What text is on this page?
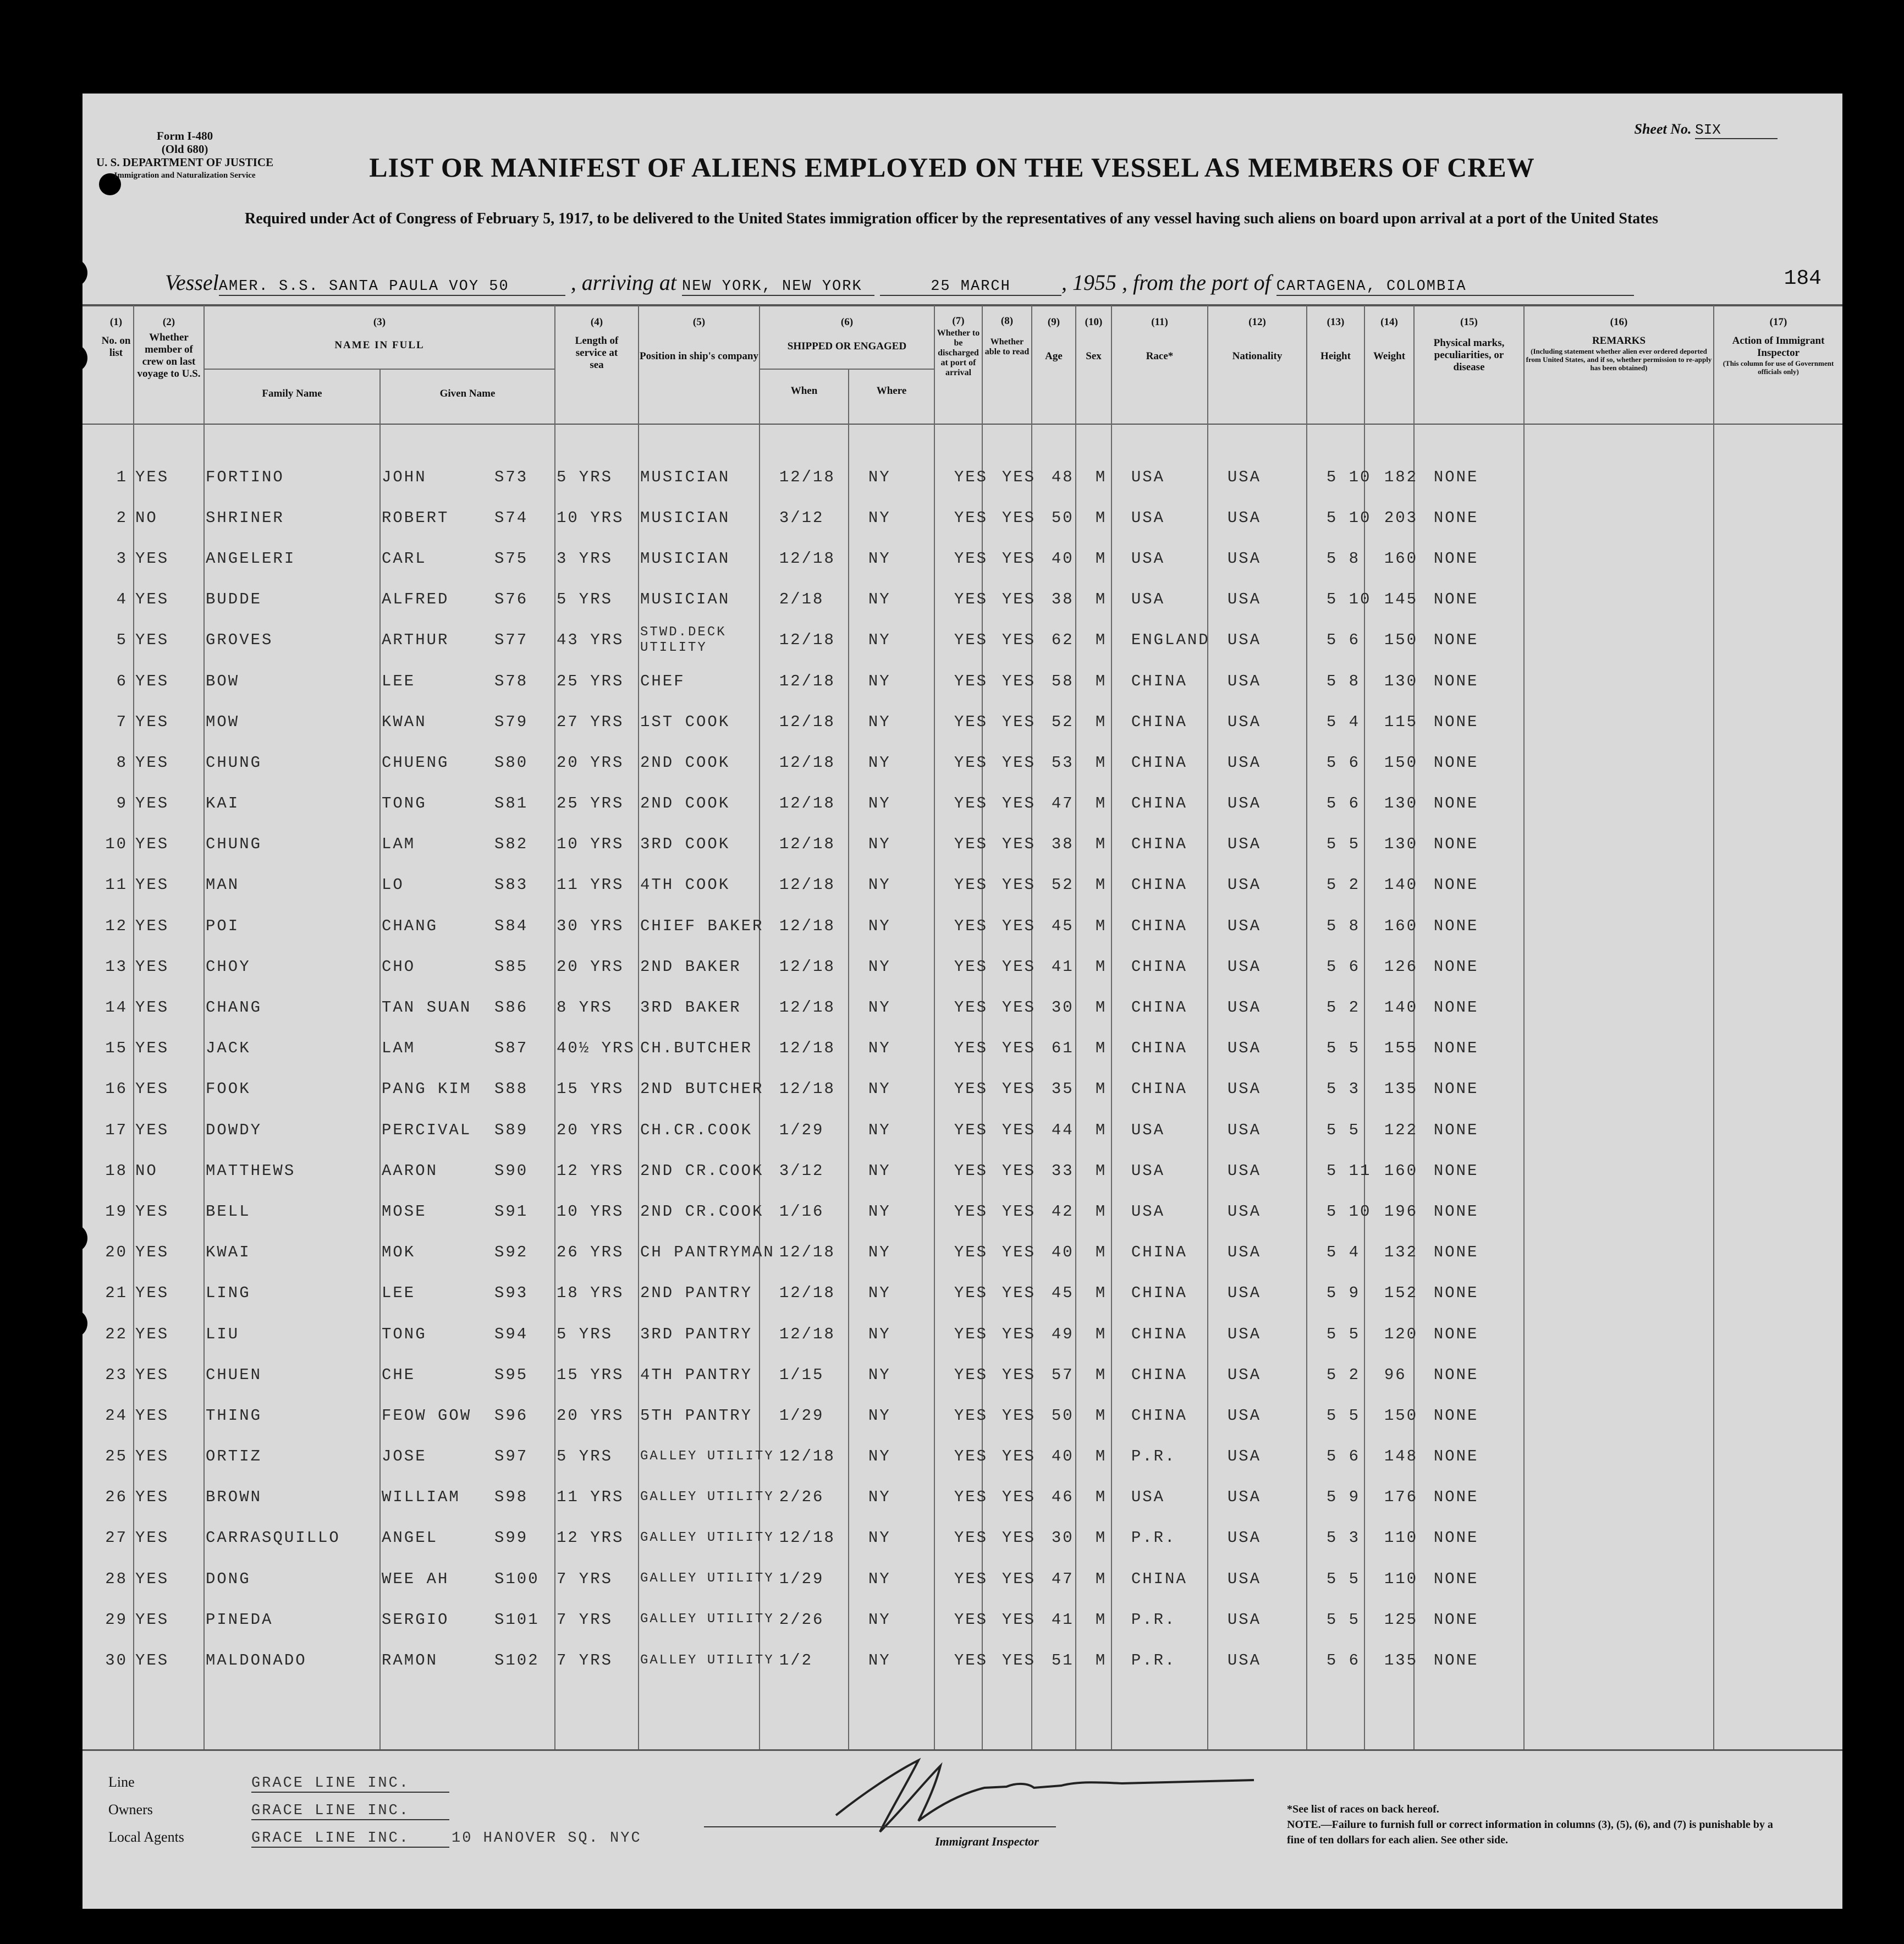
Form I-480
(Old 680)
U. S. DEPARTMENT OF JUSTICE
Immigration and Naturalization Service
Sheet No. SIX
LIST OR MANIFEST OF ALIENS EMPLOYED ON THE VESSEL AS MEMBERS OF CREW
Required under Act of Congress of February 5, 1917, to be delivered to the United States immigration officer by the representatives of any vessel having such aliens on board upon arrival at a port of the United States
VesselAMER. S.S. SANTA PAULA VOY 50	, arriving at NEW YORK, NEW YORK	25 MARCH , 1955 , from the port of CARTAGENA, COLOMBIA	184
(1)
No. on list
(2)
Whether member of crew on last voyage to U.S.
(3)
NAME IN FULL
Family Name	Given Name
(4)
Length of service at sea
(5)
Position in ship's company
(6)
SHIPPED OR ENGAGED
When	Where
(7)
Whether to be discharged at port of arrival
(8)
Whether able to read
(9)
Age
(10)
Sex
(11)
Race*
(12)
Nationality
(13)
Height
(14)
Weight
(15)
Physical marks, peculiarities, or disease
(16)
REMARKS
(Including statement whether alien ever ordered deported from United States, and if so, whether permission to re-apply has been obtained)
(17)
Action of Immigrant Inspector
(This column for use of Government officials only)
1	YES	FORTINO	JOHN	S73	5 YRS	MUSICIAN	12/18	NY	YES	YES	48	M	USA	USA	5 10	182	NONE
2	NO	SHRINER	ROBERT	S74	10 YRS	MUSICIAN	3/12	NY	YES	YES	50	M	USA	USA	5 10	203	NONE
3	YES	ANGELERI	CARL	S75	3 YRS	MUSICIAN	12/18	NY	YES	YES	40	M	USA	USA	5 8	160	NONE
4	YES	BUDDE	ALFRED	S76	5 YRS	MUSICIAN	2/18	NY	YES	YES	38	M	USA	USA	5 10	145	NONE
5	YES	GROVES	ARTHUR	S77	43 YRS	STWD.DECK UTILITY	12/18	NY	YES	YES	62	M	ENGLAND	USA	5 6	150	NONE
6	YES	BOW	LEE	S78	25 YRS	CHEF	12/18	NY	YES	YES	58	M	CHINA	USA	5 8	130	NONE
7	YES	MOW	KWAN	S79	27 YRS	1ST COOK	12/18	NY	YES	YES	52	M	CHINA	USA	5 4	115	NONE
8	YES	CHUNG	CHUENG	S80	20 YRS	2ND COOK	12/18	NY	YES	YES	53	M	CHINA	USA	5 6	150	NONE
9	YES	KAI	TONG	S81	25 YRS	2ND COOK	12/18	NY	YES	YES	47	M	CHINA	USA	5 6	130	NONE
10	YES	CHUNG	LAM	S82	10 YRS	3RD COOK	12/18	NY	YES	YES	38	M	CHINA	USA	5 5	130	NONE
11	YES	MAN	LO	S83	11 YRS	4TH COOK	12/18	NY	YES	YES	52	M	CHINA	USA	5 2	140	NONE
12	YES	POI	CHANG	S84	30 YRS	CHIEF BAKER	12/18	NY	YES	YES	45	M	CHINA	USA	5 8	160	NONE
13	YES	CHOY	CHO	S85	20 YRS	2ND BAKER	12/18	NY	YES	YES	41	M	CHINA	USA	5 6	126	NONE
14	YES	CHANG	TAN SUAN	S86	8 YRS	3RD BAKER	12/18	NY	YES	YES	30	M	CHINA	USA	5 2	140	NONE
15	YES	JACK	LAM	S87	40½ YRS	CH.BUTCHER	12/18	NY	YES	YES	61	M	CHINA	USA	5 5	155	NONE
16	YES	FOOK	PANG KIM	S88	15 YRS	2ND BUTCHER	12/18	NY	YES	YES	35	M	CHINA	USA	5 3	135	NONE
17	YES	DOWDY	PERCIVAL	S89	20 YRS	CH.CR.COOK	1/29	NY	YES	YES	44	M	USA	USA	5 5	122	NONE
18	NO	MATTHEWS	AARON	S90	12 YRS	2ND CR.COOK	3/12	NY	YES	YES	33	M	USA	USA	5 11	160	NONE
19	YES	BELL	MOSE	S91	10 YRS	2ND CR.COOK	1/16	NY	YES	YES	42	M	USA	USA	5 10	196	NONE
20	YES	KWAI	MOK	S92	26 YRS	CH PANTRYMAN	12/18	NY	YES	YES	40	M	CHINA	USA	5 4	132	NONE
21	YES	LING	LEE	S93	18 YRS	2ND PANTRY	12/18	NY	YES	YES	45	M	CHINA	USA	5 9	152	NONE
22	YES	LIU	TONG	S94	5 YRS	3RD PANTRY	12/18	NY	YES	YES	49	M	CHINA	USA	5 5	120	NONE
23	YES	CHUEN	CHE	S95	15 YRS	4TH PANTRY	1/15	NY	YES	YES	57	M	CHINA	USA	5 2	96	NONE
24	YES	THING	FEOW GOW	S96	20 YRS	5TH PANTRY	1/29	NY	YES	YES	50	M	CHINA	USA	5 5	150	NONE
25	YES	ORTIZ	JOSE	S97	5 YRS	GALLEY UTILITY	12/18	NY	YES	YES	40	M	P.R.	USA	5 6	148	NONE
26	YES	BROWN	WILLIAM	S98	11 YRS	GALLEY UTILITY	2/26	NY	YES	YES	46	M	USA	USA	5 9	176	NONE
27	YES	CARRASQUILLO	ANGEL	S99	12 YRS	GALLEY UTILITY	12/18	NY	YES	YES	30	M	P.R.	USA	5 3	110	NONE
28	YES	DONG	WEE AH	S100	7 YRS	GALLEY UTILITY	1/29	NY	YES	YES	47	M	CHINA	USA	5 5	110	NONE
29	YES	PINEDA	SERGIO	S101	7 YRS	GALLEY UTILITY	2/26	NY	YES	YES	41	M	P.R.	USA	5 5	125	NONE
30	YES	MALDONADO	RAMON	S102	7 YRS	GALLEY UTILITY	1/2	NY	YES	YES	51	M	P.R.	USA	5 6	135	NONE
Line	GRACE LINE INC.
Owners	GRACE LINE INC.
Local Agents	GRACE LINE INC.	10 HANOVER SQ. NYC	Immigrant Inspector
*See list of races on back hereof.
NOTE.—Failure to furnish full or correct information in columns (3), (5), (6), and (7) is punishable by a fine of ten dollars for each alien. See other side.
